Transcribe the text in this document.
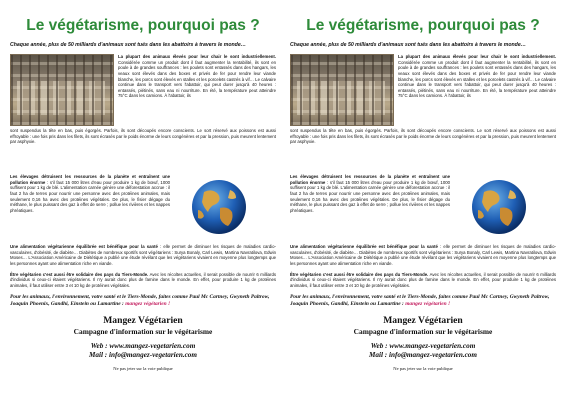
Le végétarisme, pourquoi pas ?
Chaque année, plus de 50 milliards d'animaux sont tués dans les abattoirs à travers le monde…

La plupart des animaux élevés pour leur chair le sont industriellement. Considérée comme un produit dont il faut augmenter la rentabilité, ils sont en poule à de grandes souffrances : les poulets sont entassés dans des hangars, les veaux sont élevés dans des boxes et privés de fer pour rendre leur viande blanche, les porcs sont élevés en stalles et les porcelets castrés à vif… Le calvaire continue dans le transport vers l'abattoir, qui peut durer jusqu'à 40 heures : entassés, piétinés, sans eau ni nourriture. En été, la température peut atteindre 75°C dans les camions. À l'abattoir, ils

sont suspendus la tête en bas, puis égorgés. Parfois, ils sont découpés encore conscients. Le sort réservé aux poissons est aussi effroyable : une fois pris dans les filets, ils sont écrasés par le poids énorme de leurs congénères et par la pression, puis meurent lentement par asphyxie.

Les élevages détruisent les ressources de la planète et entraînent une pollution énorme : s'il faut 15 000 litres d'eau pour produire 1 kg de bœuf, 1000 suffisent pour 1 kg de blé. L'alimentation carnée génère une déforestation accrue : il faut 2 ha de terres pour nourrir une personne avec des protéines animales, mais seulement 0,16 ha avec des protéines végétales. De plus, le fisier dégage du méthane, le plus puissant des gaz à effet de serre ; pollue les rivières et les nappes phréatiques.

Une alimentation végétarienne équilibrée est bénéfique pour la santé : elle permet de diminuer les risques de maladies cardio-vasculaires, d'obésité, de diabète… Diabètes de nombreux sportifs sont végétariens : Surya Bonaly, Carl Lewis, Martina Navratilova, Edwin Moses… L'Association Américaine de Diététique a publié une étude révélant que les végétariens vivaient en moyenne plus longtemps que les personnes ayant une alimentation riche en viande.

Être végétarien c'est aussi être solidaire des pays du Tiers-Monde. Avec les récoltes actuelles, il serait possible de nourrir 6 milliards d'individus si ceux-ci étaient végétariens. Il n'y aurait donc plus de famine dans le monde. En effet, pour produire 1 kg de protéines animales, il faut utiliser entre 3 et 10 kg de protéines végétales.

Pour les animaux, l'environnement, votre santé et le Tiers-Monde, faites comme Paul Mc Cartney, Gwyneth Paltrow, Joaquin Phoenix, Gandhi, Einstein ou Lamartine : mangez végétarien !
Mangez Végétarien
Campagne d'information sur le végétarisme
Web : www.mangez-vegetarien.com
Mail : info@mangez-vegetarien.com
Ne pas jeter sur la voie publique
Le végétarisme, pourquoi pas ?
Chaque année, plus de 50 milliards d'animaux sont tués dans les abattoirs à travers le monde…

La plupart des animaux élevés pour leur chair le sont industriellement. Considérée comme un produit dont il faut augmenter la rentabilité, ils sont en poule à de grandes souffrances : les poulets sont entassés dans des hangars, les veaux sont élevés dans des boxes et privés de fer pour rendre leur viande blanche, les porcs sont élevés en stalles et les porcelets castrés à vif… Le calvaire continue dans le transport vers l'abattoir, qui peut durer jusqu'à 40 heures : entassés, piétinés, sans eau ni nourriture. En été, la température peut atteindre 75°C dans les camions. À l'abattoir, ils

sont suspendus la tête en bas, puis égorgés. Parfois, ils sont découpés encore conscients. Le sort réservé aux poissons est aussi effroyable : une fois pris dans les filets, ils sont écrasés par le poids énorme de leurs congénères et par la pression, puis meurent lentement par asphyxie.

Les élevages détruisent les ressources de la planète et entraînent une pollution énorme : s'il faut 15 000 litres d'eau pour produire 1 kg de bœuf, 1000 suffisent pour 1 kg de blé. L'alimentation carnée génère une déforestation accrue : il faut 2 ha de terres pour nourrir une personne avec des protéines animales, mais seulement 0,16 ha avec des protéines végétales. De plus, le fisier dégage du méthane, le plus puissant des gaz à effet de serre ; pollue les rivières et les nappes phréatiques.

Une alimentation végétarienne équilibrée est bénéfique pour la santé : elle permet de diminuer les risques de maladies cardio-vasculaires, d'obésité, de diabète… Diabètes de nombreux sportifs sont végétariens : Surya Bonaly, Carl Lewis, Martina Navratilova, Edwin Moses… L'Association Américaine de Diététique a publié une étude révélant que les végétariens vivaient en moyenne plus longtemps que les personnes ayant une alimentation riche en viande.

Être végétarien c'est aussi être solidaire des pays du Tiers-Monde. Avec les récoltes actuelles, il serait possible de nourrir 6 milliards d'individus si ceux-ci étaient végétariens. Il n'y aurait donc plus de famine dans le monde. En effet, pour produire 1 kg de protéines animales, il faut utiliser entre 3 et 10 kg de protéines végétales.

Pour les animaux, l'environnement, votre santé et le Tiers-Monde, faites comme Paul Mc Cartney, Gwyneth Paltrow, Joaquin Phoenix, Gandhi, Einstein ou Lamartine : mangez végétarien !
Mangez Végétarien
Campagne d'information sur le végétarisme
Web : www.mangez-vegetarien.com
Mail : info@mangez-vegetarien.com
Ne pas jeter sur la voie publique
